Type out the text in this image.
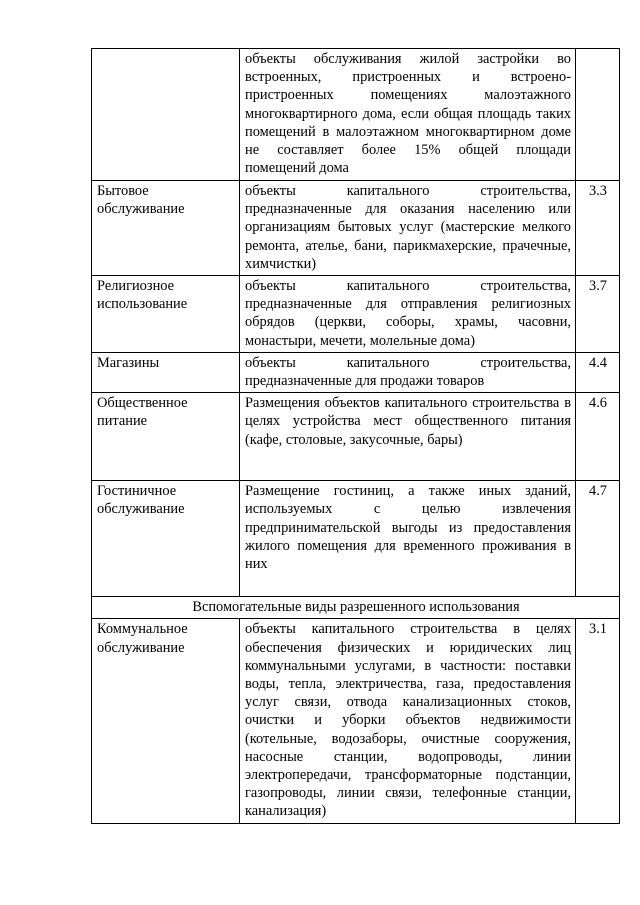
	объекты обслуживания жилой застройки во встроенных, пристроенных и встроено-пристроенных помещениях малоэтажного многоквартирного дома, если общая площадь таких помещений в малоэтажном многоквартирном доме не составляет более 15% общей площади помещений дома	
Бытовое обслуживание	объекты капитального строительства, предназначенные для оказания населению или организациям бытовых услуг (мастерские мелкого ремонта, ателье, бани, парикмахерские, прачечные, химчистки)	3.3
Религиозное использование	объекты капитального строительства, предназначенные для отправления религиозных обрядов (церкви, соборы, храмы, часовни, монастыри, мечети, молельные дома)	3.7
Магазины	объекты капитального строительства, предназначенные для продажи товаров	4.4
Общественное питание	Размещения объектов капитального строительства в целях устройства мест общественного питания (кафе, столовые, закусочные, бары)	4.6
Гостиничное обслуживание	Размещение гостиниц, а также иных зданий, используемых с целью извлечения предпринимательской выгоды из предоставления жилого помещения для временного проживания в них	4.7
Вспомогательные виды разрешенного использования		
Коммунальное обслуживание	объекты капитального строительства в целях обеспечения физических и юридических лиц коммунальными услугами, в частности: поставки воды, тепла, электричества, газа, предоставления услуг связи, отвода канализационных стоков, очистки и уборки объектов недвижимости (котельные, водозаборы, очистные сооружения, насосные станции, водопроводы, линии электропередачи, трансформаторные подстанции, газопроводы, линии связи, телефонные станции, канализация)	3.1
